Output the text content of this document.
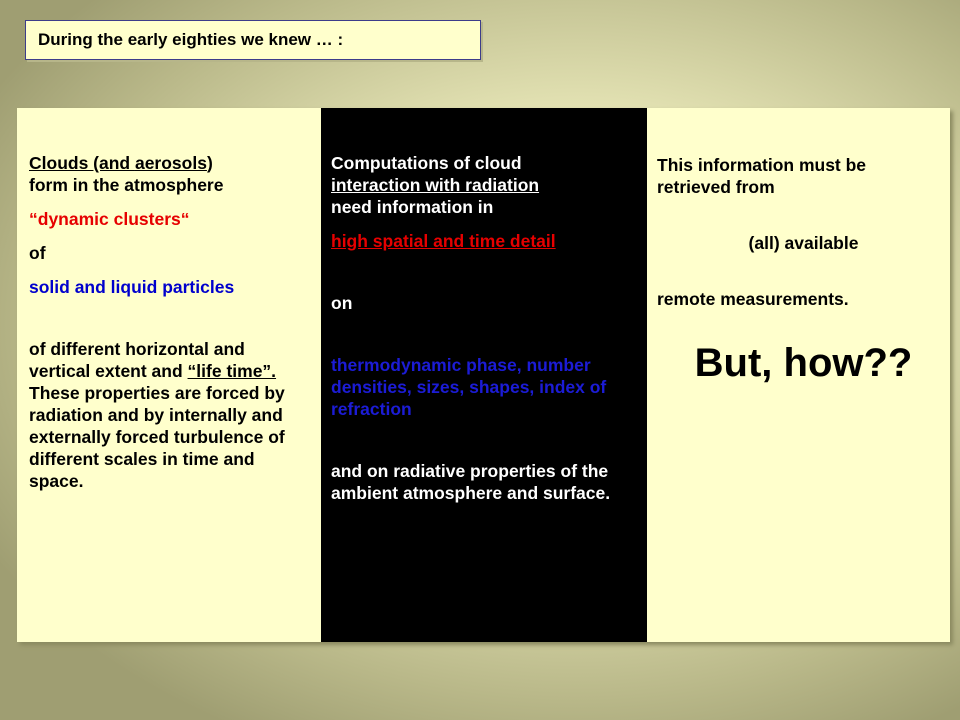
During the early eighties we knew … :

Clouds (and aerosols)

form in the atmosphere

“dynamic clusters“

of

solid and liquid particles

of different horizontal and vertical extent and “life time”. These properties are forced by radiation and by internally and externally forced turbulence of different scales in time and space.

Computations of cloud

interaction with radiation

need information in

high spatial and time detail

on

thermodynamic phase, number densities, sizes, shapes, index of refraction

and on radiative properties of the ambient atmosphere and surface.

This information must be retrieved from

(all) available

remote measurements.

But, how??
